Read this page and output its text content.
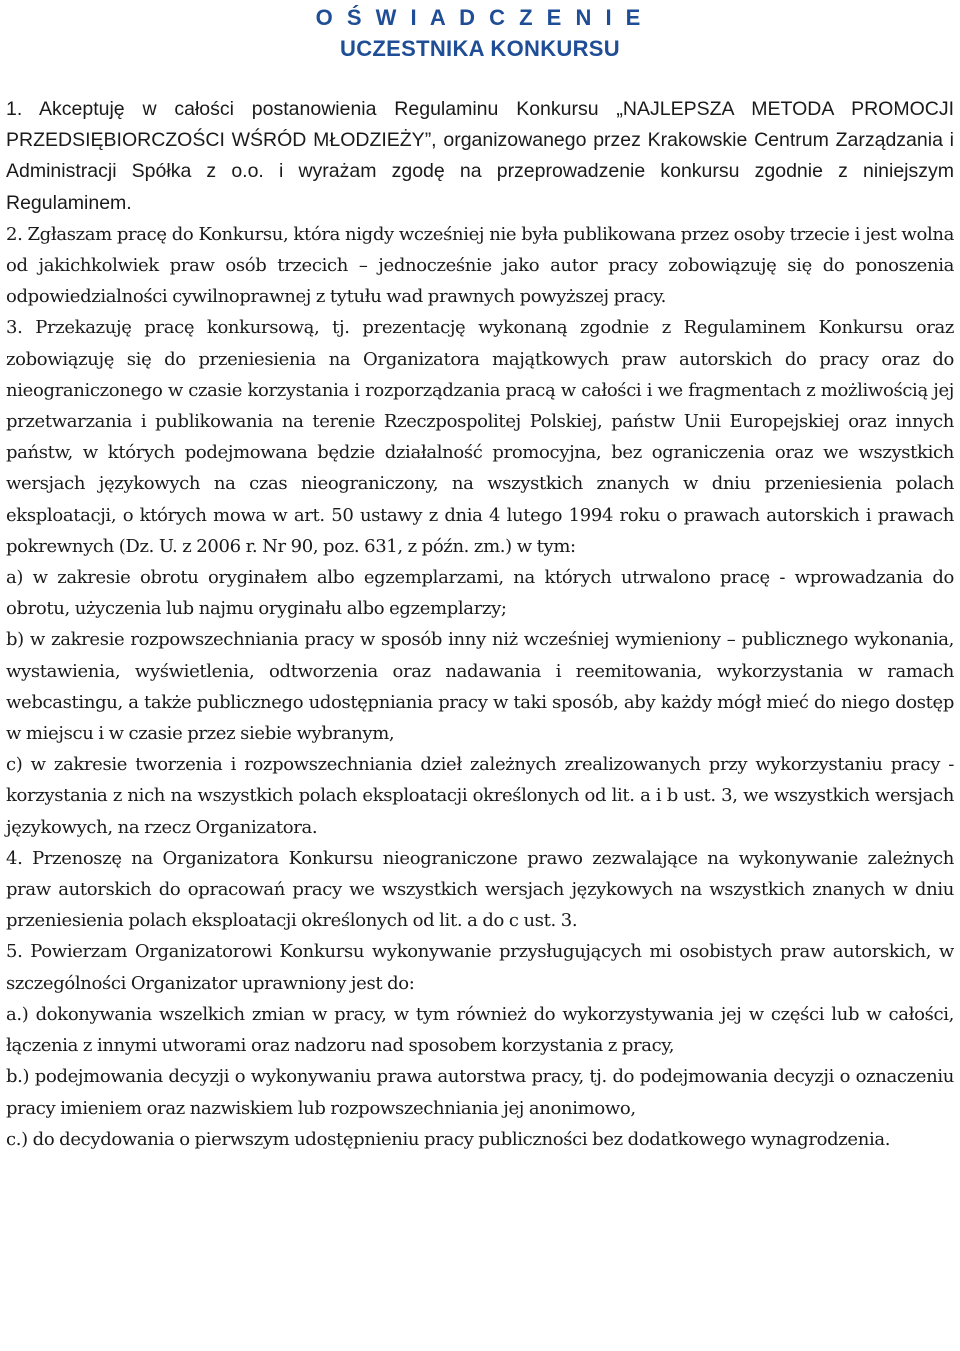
O Ś W I A D C Z E N I E
UCZESTNIKA KONKURSU

1. Akceptuję w całości postanowienia Regulaminu Konkursu „NAJLEPSZA METODA PROMOCJI PRZEDSIĘBIORCZOŚCI WŚRÓD MŁODZIEŻY”, organizowanego przez Krakowskie Centrum Zarządzania i Administracji Spółka z o.o. i wyrażam zgodę na przeprowadzenie konkursu zgodnie z niniejszym Regulaminem.

2. Zgłaszam pracę do Konkursu, która nigdy wcześniej nie była publikowana przez osoby trzecie i jest wolna od jakichkolwiek praw osób trzecich – jednocześnie jako autor pracy zobowiązuję się do ponoszenia odpowiedzialności cywilnoprawnej z tytułu wad prawnych powyższej pracy.

3. Przekazuję pracę konkursową, tj. prezentację wykonaną zgodnie z Regulaminem Konkursu oraz zobowiązuję się do przeniesienia na Organizatora majątkowych praw autorskich do pracy oraz do nieograniczonego w czasie korzystania i rozporządzania pracą w całości i we fragmentach z możliwością jej przetwarzania i publikowania na terenie Rzeczpospolitej Polskiej, państw Unii Europejskiej oraz innych państw, w których podejmowana będzie działalność promocyjna, bez ograniczenia oraz we wszystkich wersjach językowych na czas nieograniczony, na wszystkich znanych w dniu przeniesienia polach eksploatacji, o których mowa w art. 50 ustawy z dnia 4 lutego 1994 roku o prawach autorskich i prawach pokrewnych (Dz. U. z 2006 r. Nr 90, poz. 631, z późn. zm.) w tym:

a) w zakresie obrotu oryginałem albo egzemplarzami, na których utrwalono pracę - wprowadzania do obrotu, użyczenia lub najmu oryginału albo egzemplarzy;

b) w zakresie rozpowszechniania pracy w sposób inny niż wcześniej wymieniony – publicznego wykonania, wystawienia, wyświetlenia, odtworzenia oraz nadawania i reemitowania, wykorzystania w ramach webcastingu, a także publicznego udostępniania pracy w taki sposób, aby każdy mógł mieć do niego dostęp w miejscu i w czasie przez siebie wybranym,

c) w zakresie tworzenia i rozpowszechniania dzieł zależnych zrealizowanych przy wykorzystaniu pracy - korzystania z nich na wszystkich polach eksploatacji określonych od lit. a i b ust. 3, we wszystkich wersjach językowych, na rzecz Organizatora.

4. Przenoszę na Organizatora Konkursu nieograniczone prawo zezwalające na wykonywanie zależnych praw autorskich do opracowań pracy we wszystkich wersjach językowych na wszystkich znanych w dniu przeniesienia polach eksploatacji określonych od lit. a do c ust. 3.

5. Powierzam Organizatorowi Konkursu wykonywanie przysługujących mi osobistych praw autorskich, w szczególności Organizator uprawniony jest do:

a.) dokonywania wszelkich zmian w pracy, w tym również do wykorzystywania jej w części lub w całości, łączenia z innymi utworami oraz nadzoru nad sposobem korzystania z pracy,

b.) podejmowania decyzji o wykonywaniu prawa autorstwa pracy, tj. do podejmowania decyzji o oznaczeniu pracy imieniem oraz nazwiskiem lub rozpowszechniania jej anonimowo,

c.) do decydowania o pierwszym udostępnieniu pracy publiczności bez dodatkowego wynagrodzenia.
